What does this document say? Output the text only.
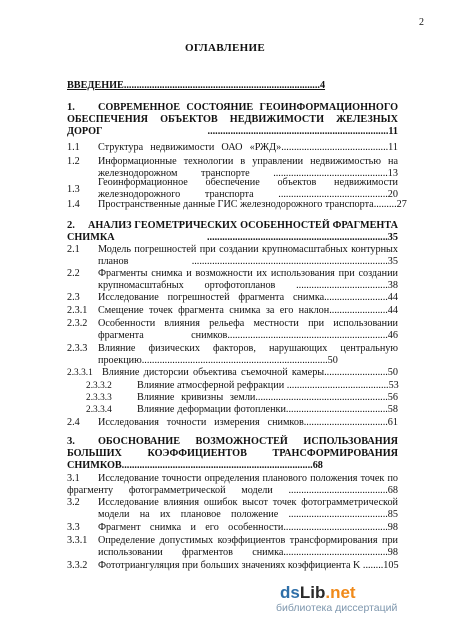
2
ОГЛАВЛЕНИЕ
ВВЕДЕНИЕ.............................................................................4
1. СОВРЕМЕННОЕ СОСТОЯНИЕ ГЕОИНФОРМАЦИОННОГО
ОБЕСПЕЧЕНИЯ ОБЪЕКТОВ НЕДВИЖИМОСТИ ЖЕЛЕЗНЫХ
ДОРОГ .......................................................................11
1.1 Структура недвижимости ОАО «РЖД»..........................................11
1.2 Информационные технологии в управлении недвижимостью на
железнодорожном транспорте .............................................13
1.3
Геоинформационное обеспечение объектов недвижимости
железнодорожного транспорта ...........................................20
1.4 Пространственные данные ГИС железнодорожного транспорта.........27
2. АНАЛИЗ ГЕОМЕТРИЧЕСКИХ ОСОБЕННОСТЕЙ ФРАГМЕНТА
СНИМКА .......................................................................35
2.1 Модель погрешностей при создании крупномасштабных контурных
планов .............................................................................35
2.2 Фрагменты снимка и возможности их использования при создании
крупномасштабных ортофотопланов ....................................38
2.3 Исследование погрешностей фрагмента снимка.........................44
2.3.1 Смещение точек фрагмента снимка за его наклон.......................44
2.3.2 Особенности влияния рельефа местности при использовании
фрагмента снимков...............................................................46
2.3.3 Влияние физических факторов, нарушающих центральную
проекцию.........................................................................50
2.3.3.1 Влияние дисторсии объектива съемочной камеры.........................50
2.3.3.2 Влияние атмосферной рефракции ........................................53
2.3.3.3 Влияние кривизны земли....................................................56
2.3.3.4 Влияние деформации фотопленки........................................58
2.4 Исследования точности измерения снимков.................................61
3. ОБОСНОВАНИЕ ВОЗМОЖНОСТЕЙ ИСПОЛЬЗОВАНИЯ
БОЛЬШИХ КОЭФФИЦИЕНТОВ ТРАНСФОРМИРОВАНИЯ
СНИМКОВ...........................................................................68
3.1 Исследование точности определения планового положения точек по
фрагменту фотограмметрической модели .......................................68
3.2 Исследование влияния ошибок высот точек фотограмметрической
модели на их плановое положение .......................................85
3.3 Фрагмент снимка и его особенности.........................................98
3.3.1 Определение допустимых коэффициентов трансформирования при
использовании фрагментов снимка.........................................98
3.3.2 Фототриангуляция при больших значениях коэффициента K ........105
dsLib.net
библиотека диссертаций
